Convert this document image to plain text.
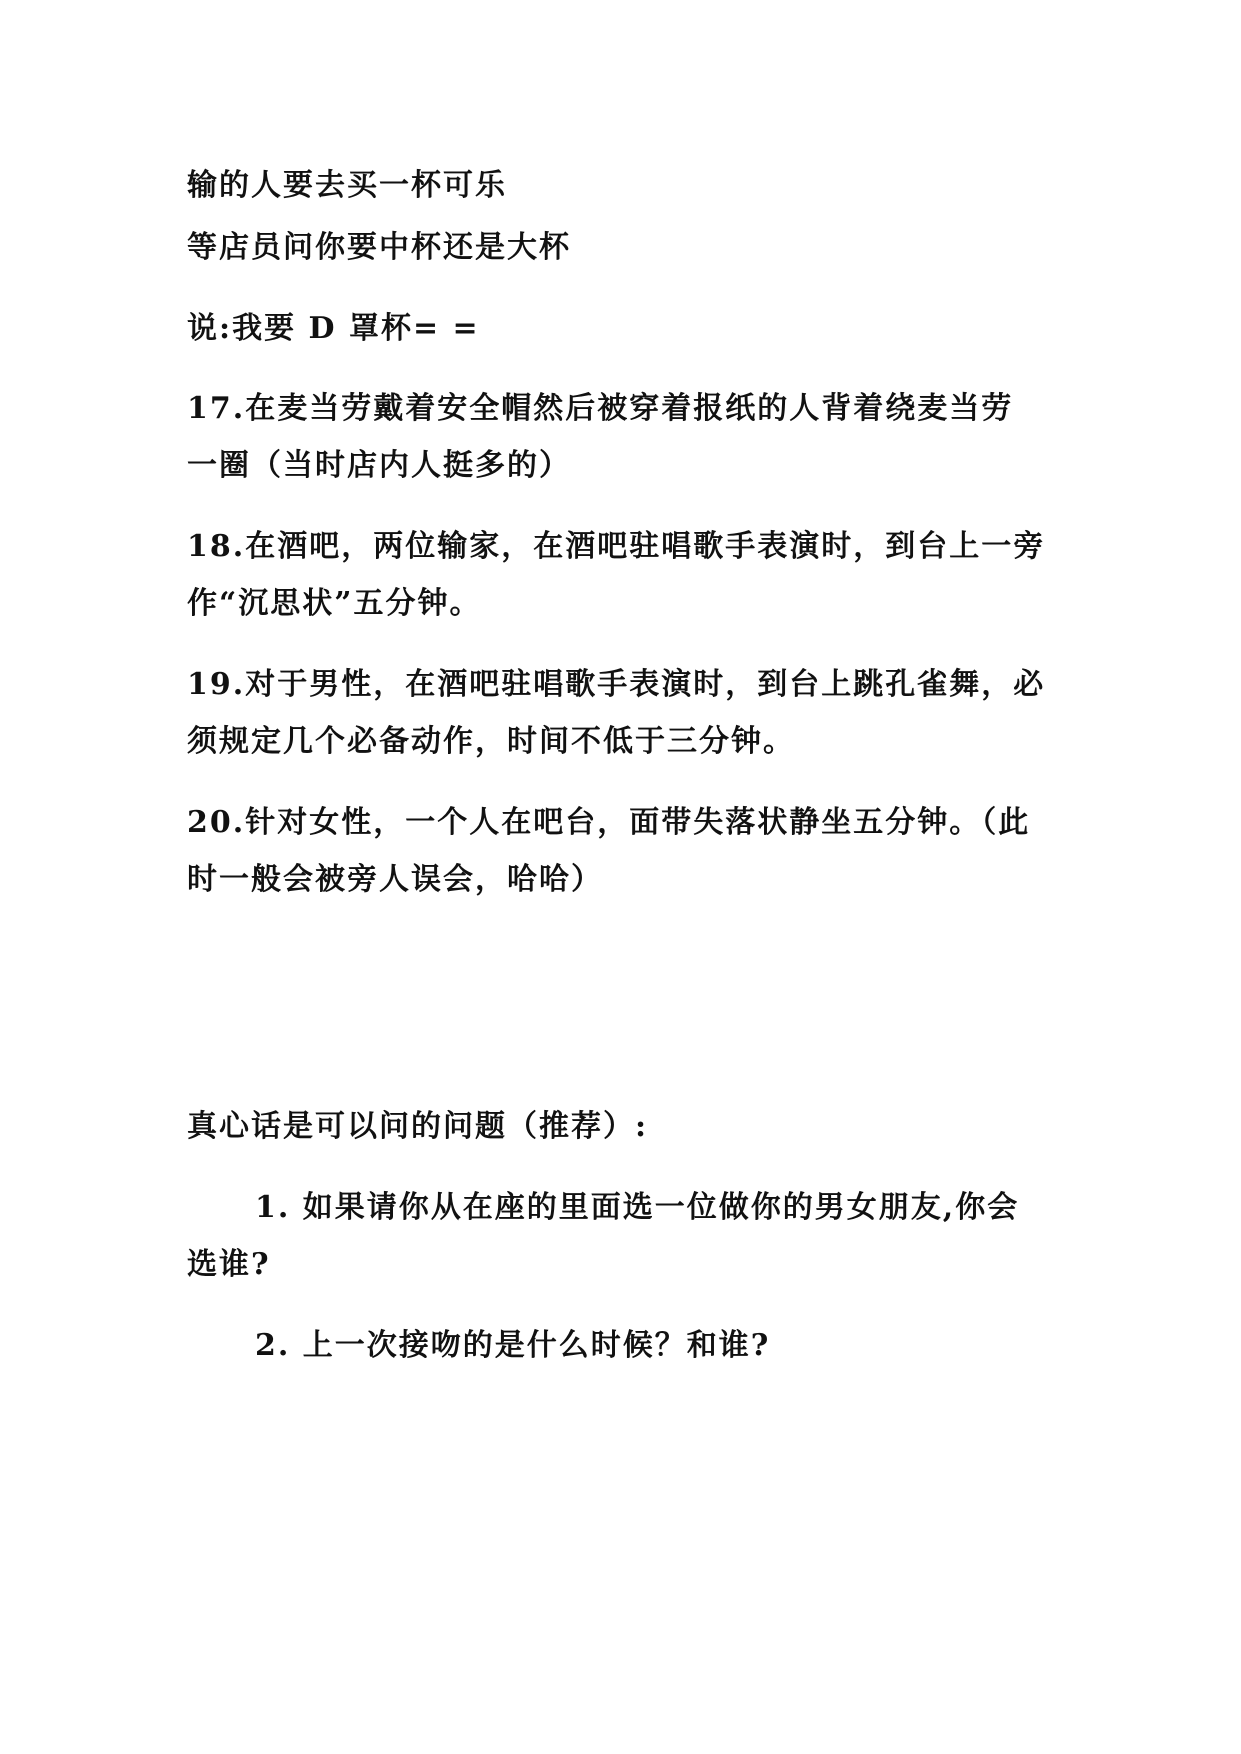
输的人要去买一杯可乐
等店员问你要中杯还是大杯
说:我要 D 罩杯= =
17.在麦当劳戴着安全帽然后被穿着报纸的人背着绕麦当劳
一圈（当时店内人挺多的）
18.在酒吧，两位输家，在酒吧驻唱歌手表演时，到台上一旁
作“沉思状”五分钟。
19.对于男性，在酒吧驻唱歌手表演时，到台上跳孔雀舞，必
须规定几个必备动作，时间不低于三分钟。
20.针对女性，一个人在吧台，面带失落状静坐五分钟。（此
时一般会被旁人误会，哈哈）
真心话是可以问的问题（推荐）:
1. 如果请你从在座的里面选一位做你的男女朋友,你会
选谁?
2. 上一次接吻的是什么时候？和谁?
